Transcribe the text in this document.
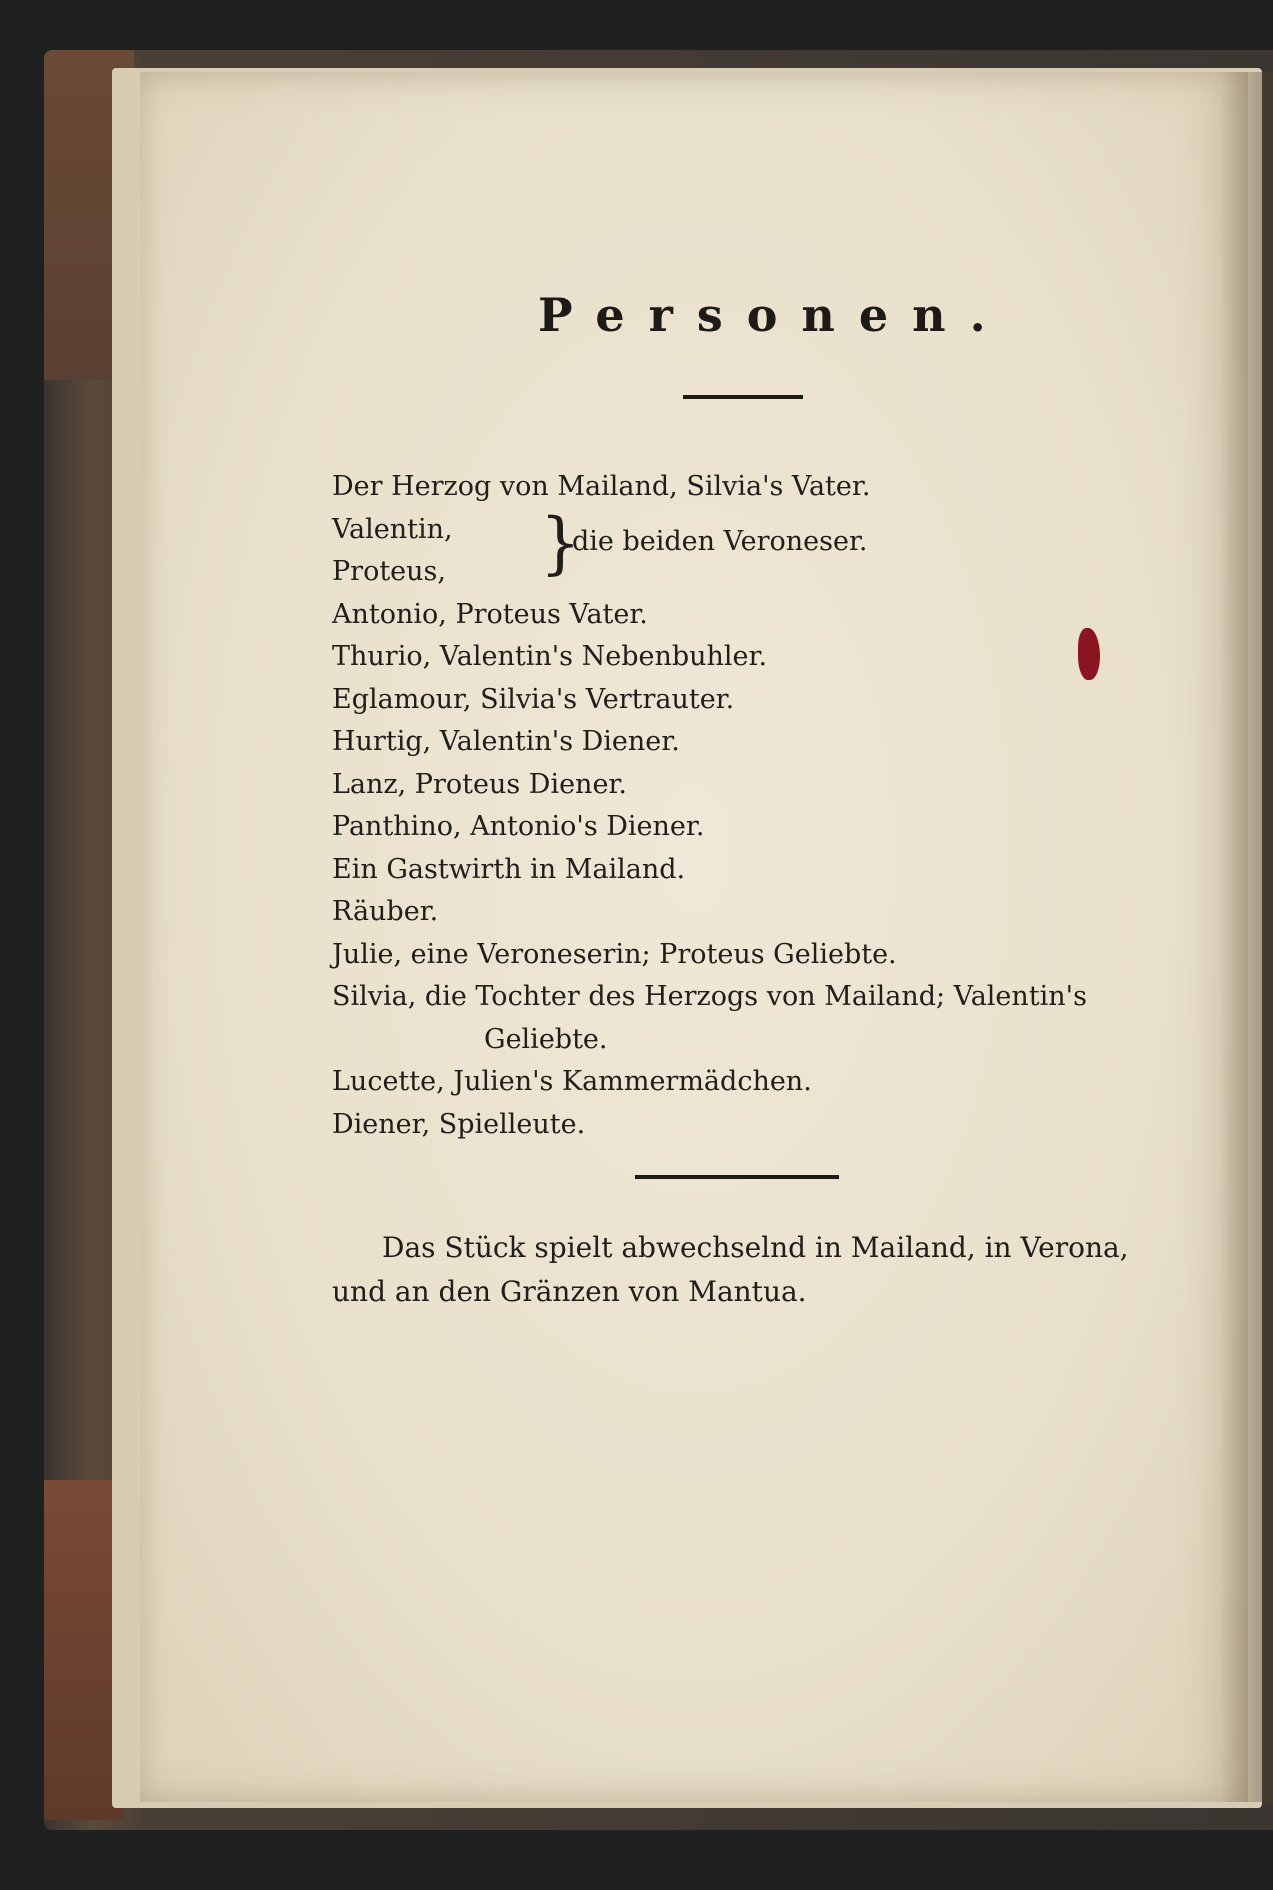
Personen.
Der Herzog von Mailand, Silvia's Vater.
Valentin,
Proteus,
Antonio, Proteus Vater.
Thurio, Valentin's Nebenbuhler.
Eglamour, Silvia's Vertrauter.
Hurtig, Valentin's Diener.
Lanz, Proteus Diener.
Panthino, Antonio's Diener.
Ein Gastwirth in Mailand.
Räuber.
Julie, eine Veroneserin; Proteus Geliebte.
Silvia, die Tochter des Herzogs von Mailand; Valentin's
Geliebte.
Lucette, Julien's Kammermädchen.
Diener, Spielleute.
}
die beiden Veroneser.
Das Stück spielt abwechselnd in Mailand, in Verona,
und an den Gränzen von Mantua.
